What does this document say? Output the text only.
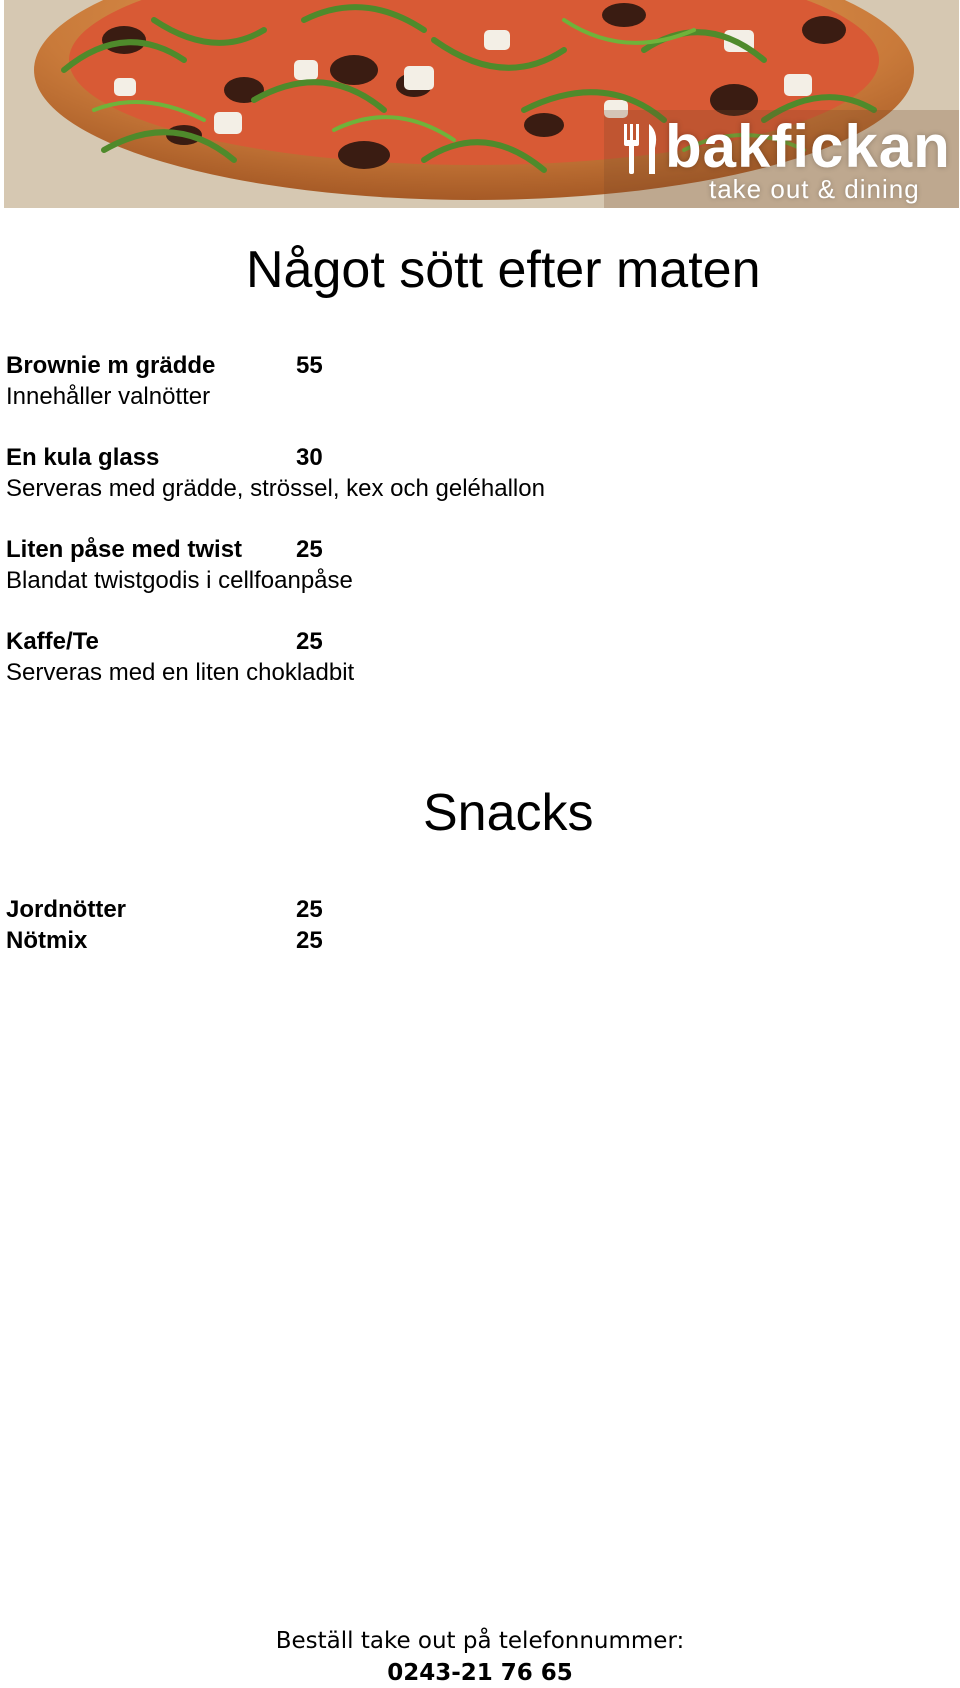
bakfickan
take out & dining
Något sött efter maten
Brownie m grädde	55
Innehåller valnötter
En kula glass	30
Serveras med grädde, strössel, kex och geléhallon
Liten påse med twist 25
Blandat twistgodis i cellfoanpåse
Kaffe/Te	25
Serveras med en liten chokladbit
Snacks
Jordnötter	25
Nötmix	25
Beställ take out på telefonnummer:
0243-21 76 65
